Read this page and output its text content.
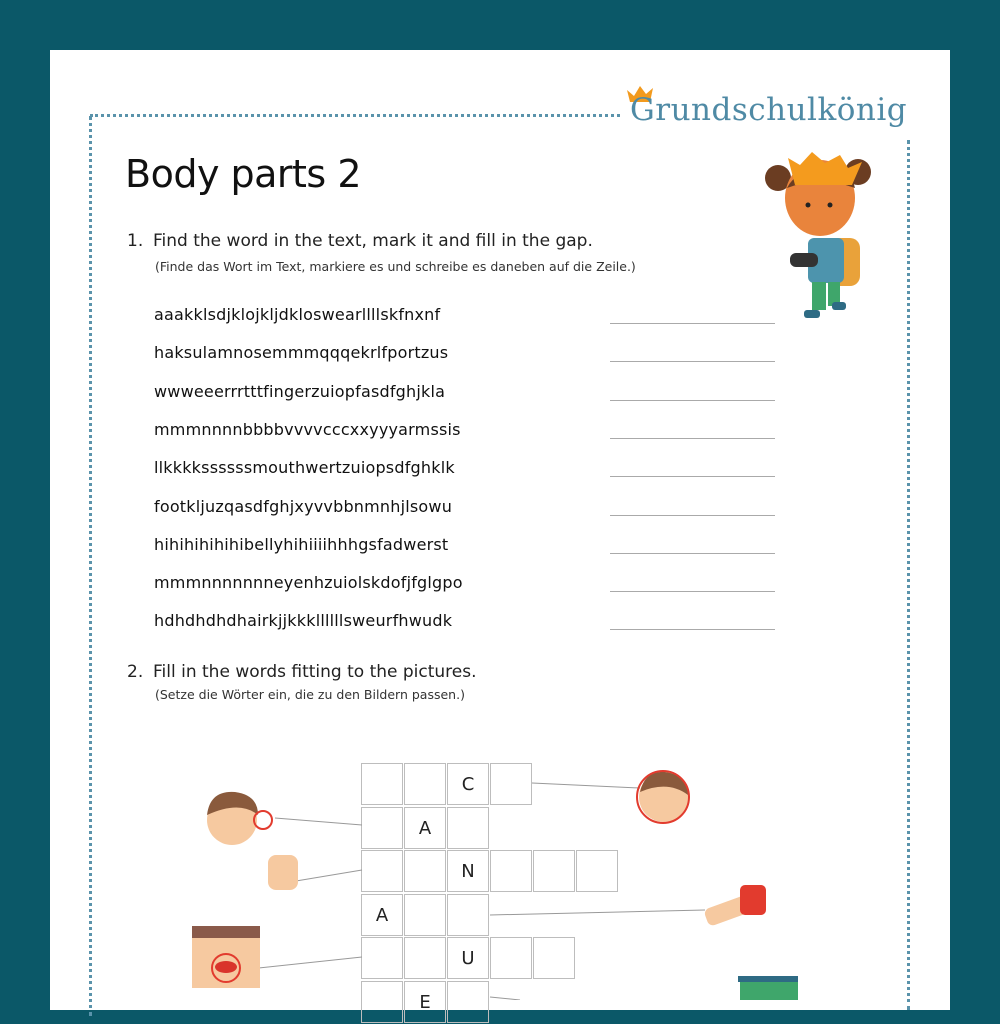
Grundschulkönig
Body parts 2
1. Find the word in the text, mark it and fill in the gap.
(Finde das Wort im Text, markiere es und schreibe es daneben auf die Zeile.)
aaakklsdjklojkljdkloswearllllskfnxnf
haksulamnosemmmqqqekrlfportzus
wwweeerrrtttfingerzuiopfasdfghjkla
mmmnnnnbbbbvvvvcccxxyyyarmssis
llkkkkssssssmouthwertzuiopsdfghklk
footkljuzqasdfghjxyvvbbnmnhjlsowu
hihihihihihibellyhihiiiihhhgsfadwerst
mmmnnnnnnneyenhzuiolskdofjfglgpo
hdhdhdhdhairkjjkkkllllllsweurfhwudk
2. Fill in the words fitting to the pictures.
(Setze die Wörter ein, die zu den Bildern passen.)
C
A
N
A
U
E
